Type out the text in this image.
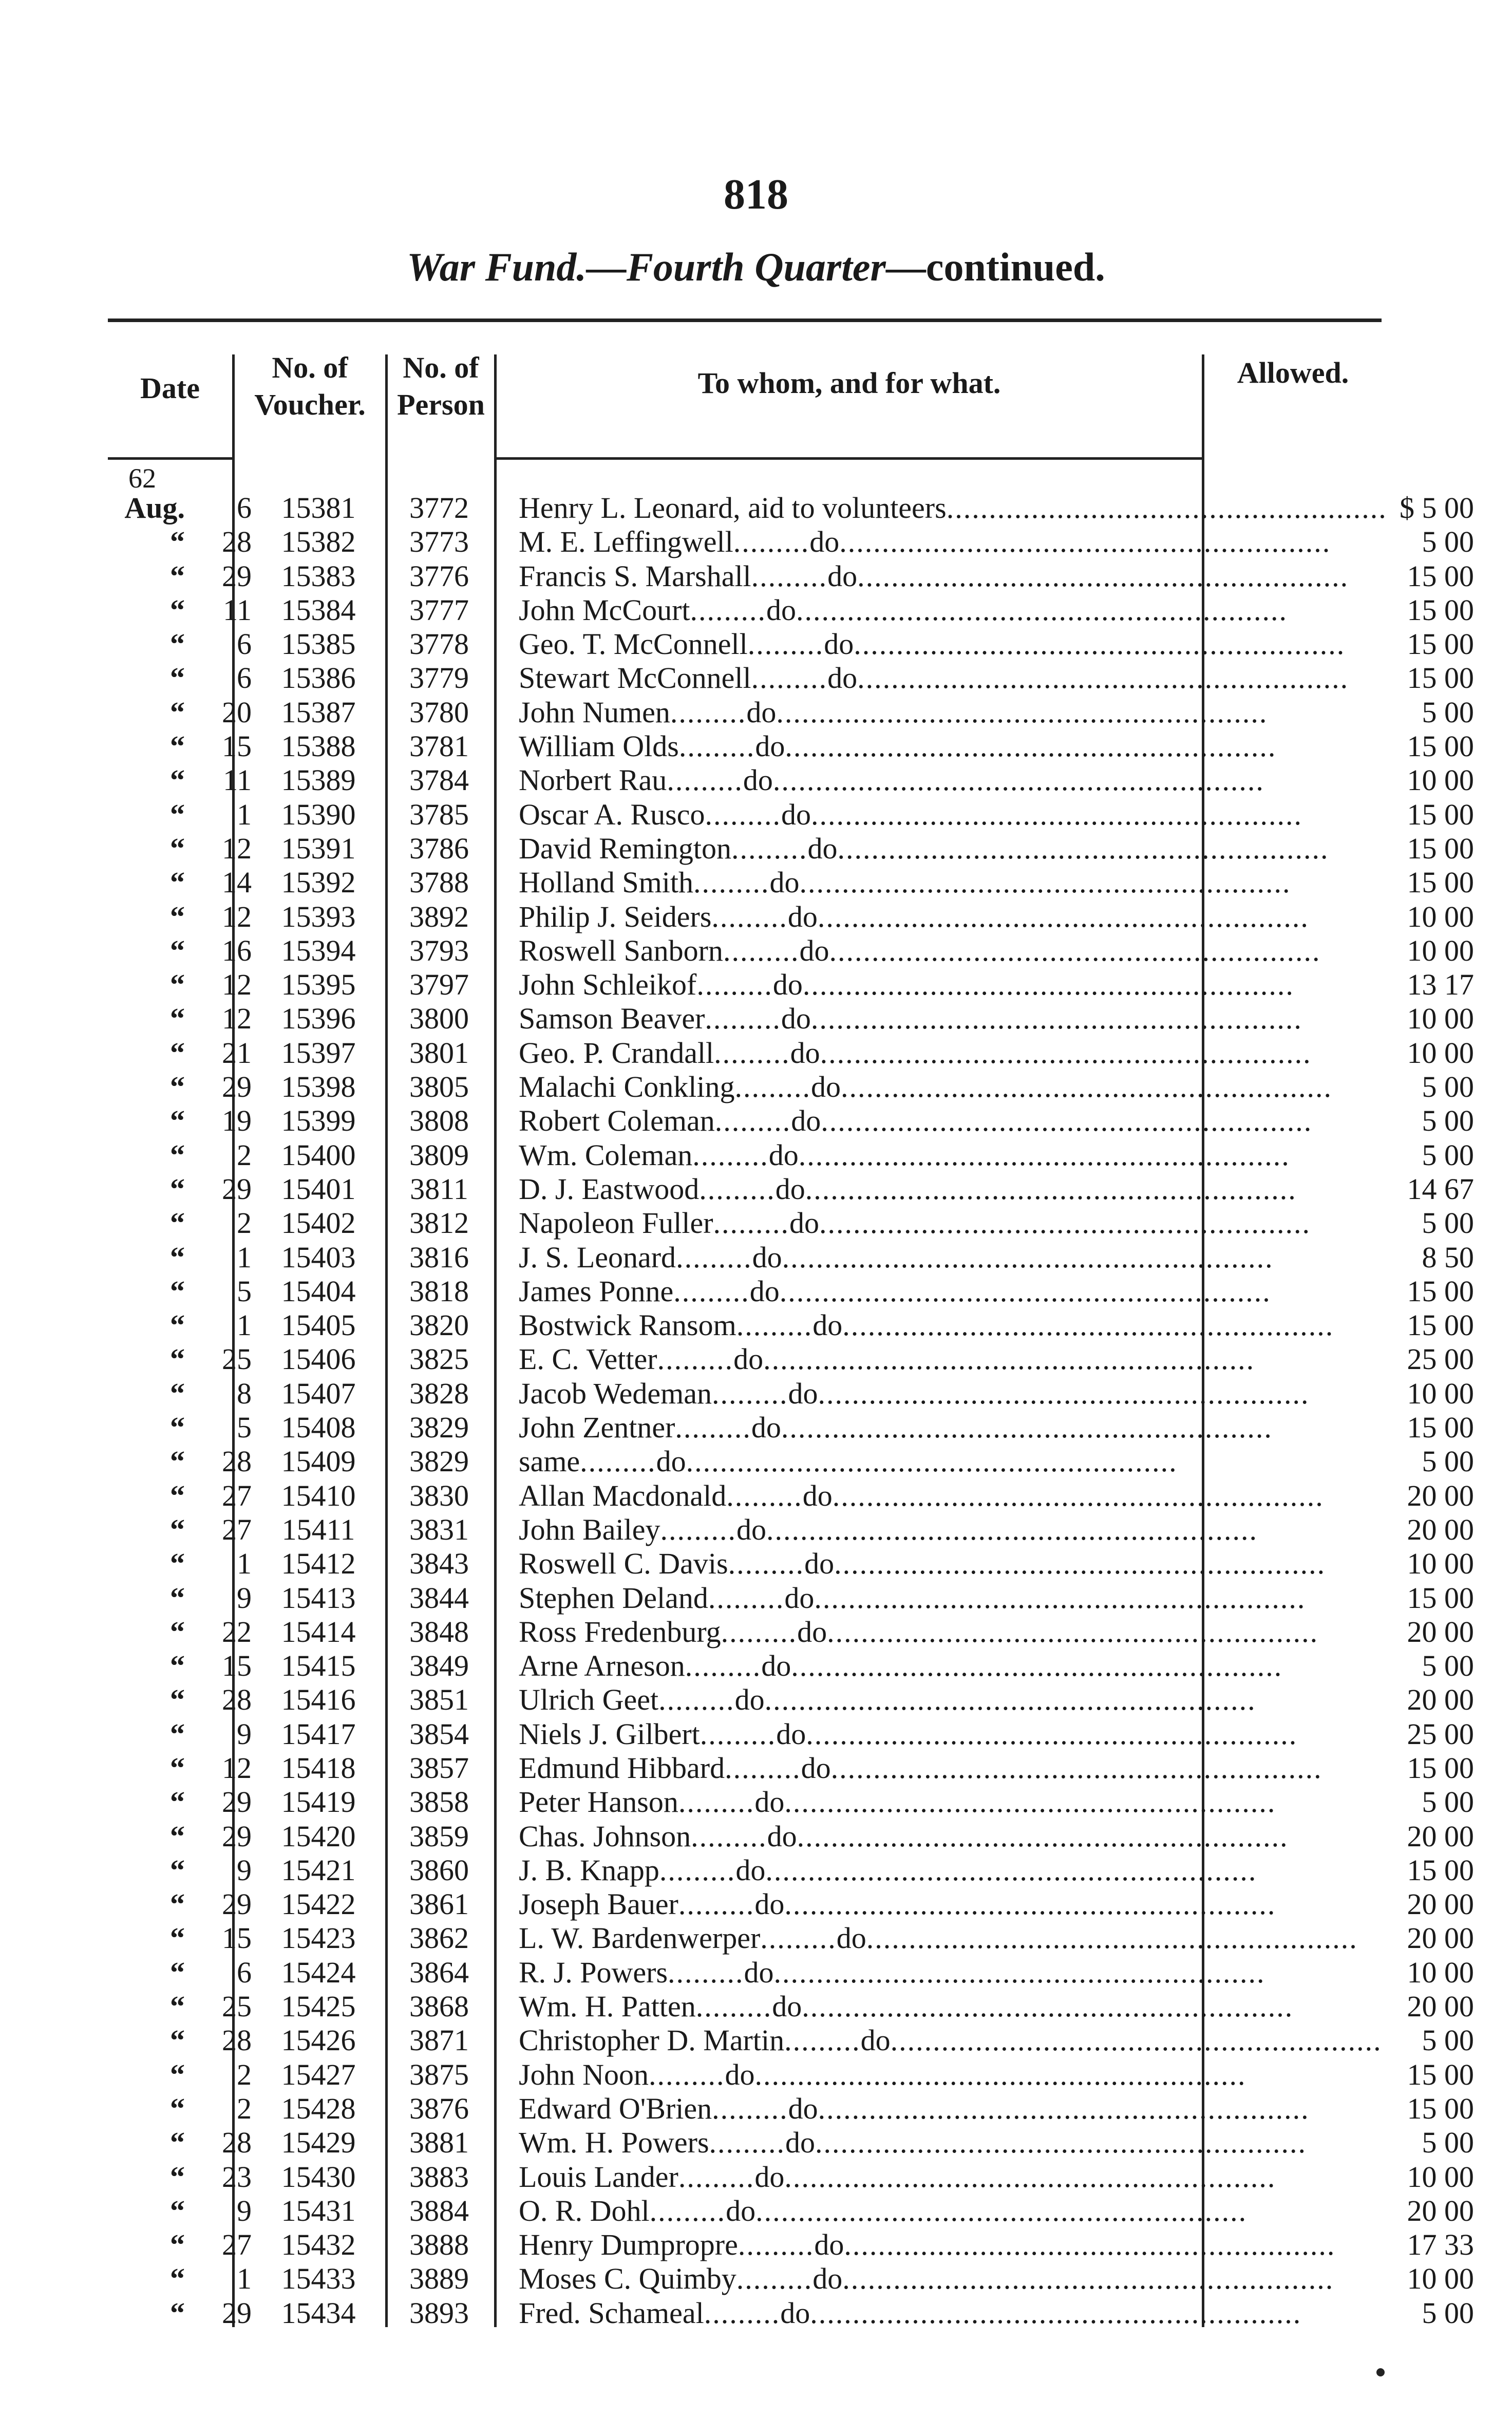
818
War Fund.—Fourth Quarter—continued.
Date
No. of Voucher.
No. of Person
To whom, and for what.	Allowed.
62
Aug.	6 15381	3772	Henry L. Leonard, aid to volunteers.................................................... $ 5 00
“	28 15382	3773	M. E. Leffingwell.........do..........................................................	5 00
“	29 15383	3776	Francis S. Marshall.........do..........................................................	15 00
“	11 15384	3777	John McCourt.........do..........................................................	15 00
“	6 15385	3778	Geo. T. McConnell.........do..........................................................	15 00
“	6 15386	3779	Stewart McConnell.........do..........................................................	15 00
“	20 15387	3780	John Numen.........do..........................................................	5 00
“	15 15388	3781	William Olds.........do..........................................................	15 00
“	11 15389	3784	Norbert Rau.........do..........................................................	10 00
“	1 15390	3785	Oscar A. Rusco.........do..........................................................	15 00
“	12 15391	3786	David Remington.........do..........................................................	15 00
“	14 15392	3788	Holland Smith.........do..........................................................	15 00
“	12 15393	3892	Philip J. Seiders.........do..........................................................	10 00
“	16 15394	3793	Roswell Sanborn.........do..........................................................	10 00
“	12 15395	3797	John Schleikof.........do..........................................................	13 17
“	12 15396	3800	Samson Beaver.........do..........................................................	10 00
“	21 15397	3801	Geo. P. Crandall.........do..........................................................	10 00
“	29 15398	3805	Malachi Conkling.........do..........................................................	5 00
“	19 15399	3808	Robert Coleman.........do..........................................................	5 00
“	2 15400	3809	Wm. Coleman.........do..........................................................	5 00
“	29 15401	3811	D. J. Eastwood.........do..........................................................	14 67
“	2 15402	3812	Napoleon Fuller.........do..........................................................	5 00
“	1 15403	3816	J. S. Leonard.........do..........................................................	8 50
“	5 15404	3818	James Ponne.........do..........................................................	15 00
“	1 15405	3820	Bostwick Ransom.........do..........................................................	15 00
“	25 15406	3825	E. C. Vetter.........do..........................................................	25 00
“	8 15407	3828	Jacob Wedeman.........do..........................................................	10 00
“	5 15408	3829	John Zentner.........do..........................................................	15 00
“	28 15409	3829	same.........do..........................................................	5 00
“	27 15410	3830	Allan Macdonald.........do..........................................................	20 00
“	27	15411	3831	John Bailey.........do..........................................................	20 00
“	1 15412	3843	Roswell C. Davis.........do..........................................................	10 00
“	9 15413	3844	Stephen Deland.........do..........................................................	15 00
“	22 15414	3848	Ross Fredenburg.........do..........................................................	20 00
“	15 15415	3849	Arne Arneson.........do..........................................................	5 00
“	28 15416	3851	Ulrich Geet.........do..........................................................	20 00
“	9 15417	3854	Niels J. Gilbert.........do..........................................................	25 00
“	12 15418	3857	Edmund Hibbard.........do..........................................................	15 00
“	29 15419	3858	Peter Hanson.........do..........................................................	5 00
“	29 15420	3859	Chas. Johnson.........do..........................................................	20 00
“	9 15421	3860	J. B. Knapp.........do..........................................................	15 00
“	29 15422	3861	Joseph Bauer.........do..........................................................	20 00
“	15 15423	3862	L. W. Bardenwerper.........do..........................................................	20 00
“	6 15424	3864	R. J. Powers.........do..........................................................	10 00
“	25 15425	3868	Wm. H. Patten.........do..........................................................	20 00
“	28 15426	3871	Christopher D. Martin.........do..........................................................	5 00
“	2 15427	3875	John Noon.........do..........................................................	15 00
“	2 15428	3876	Edward O'Brien.........do..........................................................	15 00
“	28 15429	3881	Wm. H. Powers.........do..........................................................	5 00
“	23 15430	3883	Louis Lander.........do..........................................................	10 00
“	9 15431	3884	O. R. Dohl.........do..........................................................	20 00
“	27 15432	3888	Henry Dumpropre.........do..........................................................	17 33
“	1 15433	3889	Moses C. Quimby.........do..........................................................	10 00
“	29 15434	3893	Fred. Schameal.........do..........................................................	5 00
